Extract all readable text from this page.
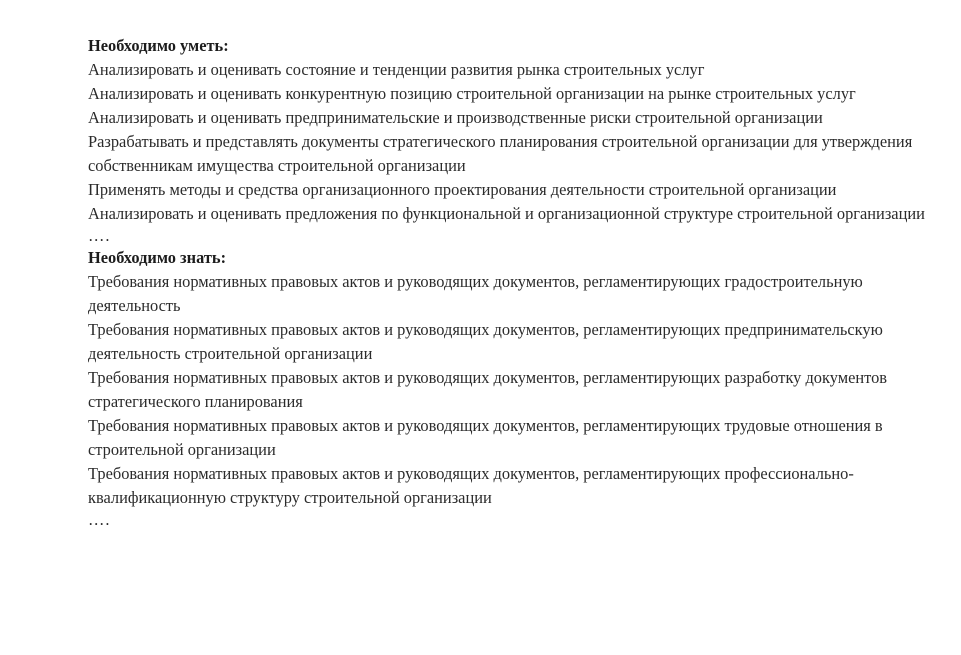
Необходимо уметь:

Анализировать и оценивать состояние и тенденции развития рынка строительных услуг

Анализировать и оценивать конкурентную позицию строительной организации на рынке строительных услуг

Анализировать и оценивать предпринимательские и производственные риски строительной организации

Разрабатывать и представлять документы стратегического планирования строительной организации для утверждения собственникам имущества строительной организации

Применять методы и средства организационного проектирования деятельности строительной организации

Анализировать и оценивать предложения по функциональной и организационной структуре строительной организации

….

Необходимо знать:

Требования нормативных правовых актов и руководящих документов, регламентирующих градостроительную деятельность

Требования нормативных правовых актов и руководящих документов, регламентирующих предпринимательскую деятельность строительной организации

Требования нормативных правовых актов и руководящих документов, регламентирующих разработку документов стратегического планирования

Требования нормативных правовых актов и руководящих документов, регламентирующих трудовые отношения в строительной организации

Требования нормативных правовых актов и руководящих документов, регламентирующих профессионально-квалификационную структуру строительной организации

….
